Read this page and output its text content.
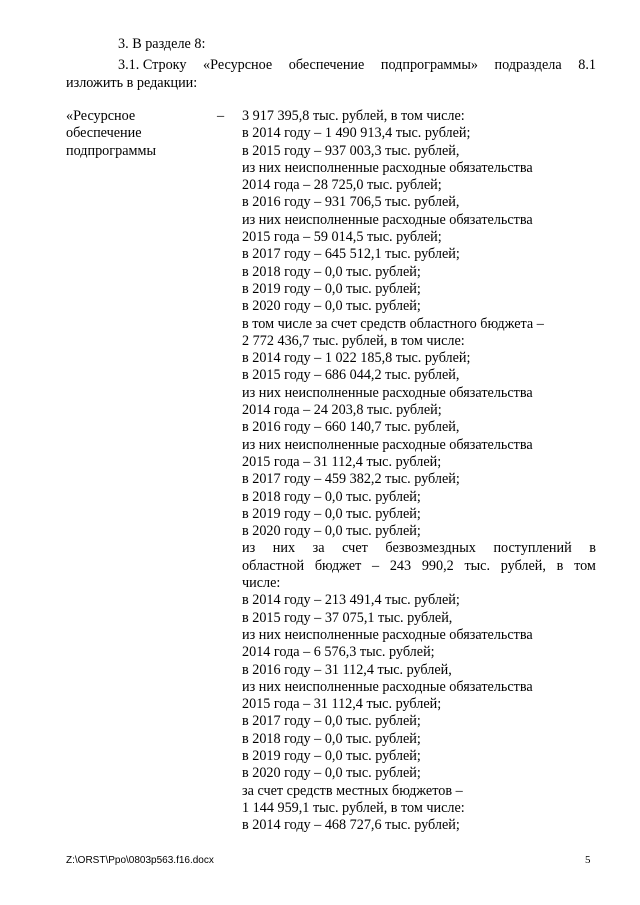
3. В разделе 8:
3.1. Строку «Ресурсное обеспечение подпрограммы» подраздела 8.1
изложить в редакции:
«Ресурсное
обеспечение
подпрограммы
– 3 917 395,8 тыс. рублей, в том числе:
в 2014 году – 1 490 913,4 тыс. рублей;
в 2015 году – 937 003,3 тыс. рублей,
из них неисполненные расходные обязательства
2014 года – 28 725,0 тыс. рублей;
в 2016 году – 931 706,5 тыс. рублей,
из них неисполненные расходные обязательства
2015 года – 59 014,5 тыс. рублей;
в 2017 году – 645 512,1 тыс. рублей;
в 2018 году – 0,0 тыс. рублей;
в 2019 году – 0,0 тыс. рублей;
в 2020 году – 0,0 тыс. рублей;
в том числе за счет средств областного бюджета –
2 772 436,7 тыс. рублей, в том числе:
в 2014 году – 1 022 185,8 тыс. рублей;
в 2015 году – 686 044,2 тыс. рублей,
из них неисполненные расходные обязательства
2014 года – 24 203,8 тыс. рублей;
в 2016 году – 660 140,7 тыс. рублей,
из них неисполненные расходные обязательства
2015 года – 31 112,4 тыс. рублей;
в 2017 году – 459 382,2 тыс. рублей;
в 2018 году – 0,0 тыс. рублей;
в 2019 году – 0,0 тыс. рублей;
в 2020 году – 0,0 тыс. рублей;
из них за счет безвозмездных поступлений в
областной бюджет – 243 990,2 тыс. рублей, в том
числе:
в 2014 году – 213 491,4 тыс. рублей;
в 2015 году – 37 075,1 тыс. рублей,
из них неисполненные расходные обязательства
2014 года – 6 576,3 тыс. рублей;
в 2016 году – 31 112,4 тыс. рублей,
из них неисполненные расходные обязательства
2015 года – 31 112,4 тыс. рублей;
в 2017 году – 0,0 тыс. рублей;
в 2018 году – 0,0 тыс. рублей;
в 2019 году – 0,0 тыс. рублей;
в 2020 году – 0,0 тыс. рублей;
за счет средств местных бюджетов –
1 144 959,1 тыс. рублей, в том числе:
в 2014 году – 468 727,6 тыс. рублей;
Z:\ORST\Ppo\0803p563.f16.docx	5
